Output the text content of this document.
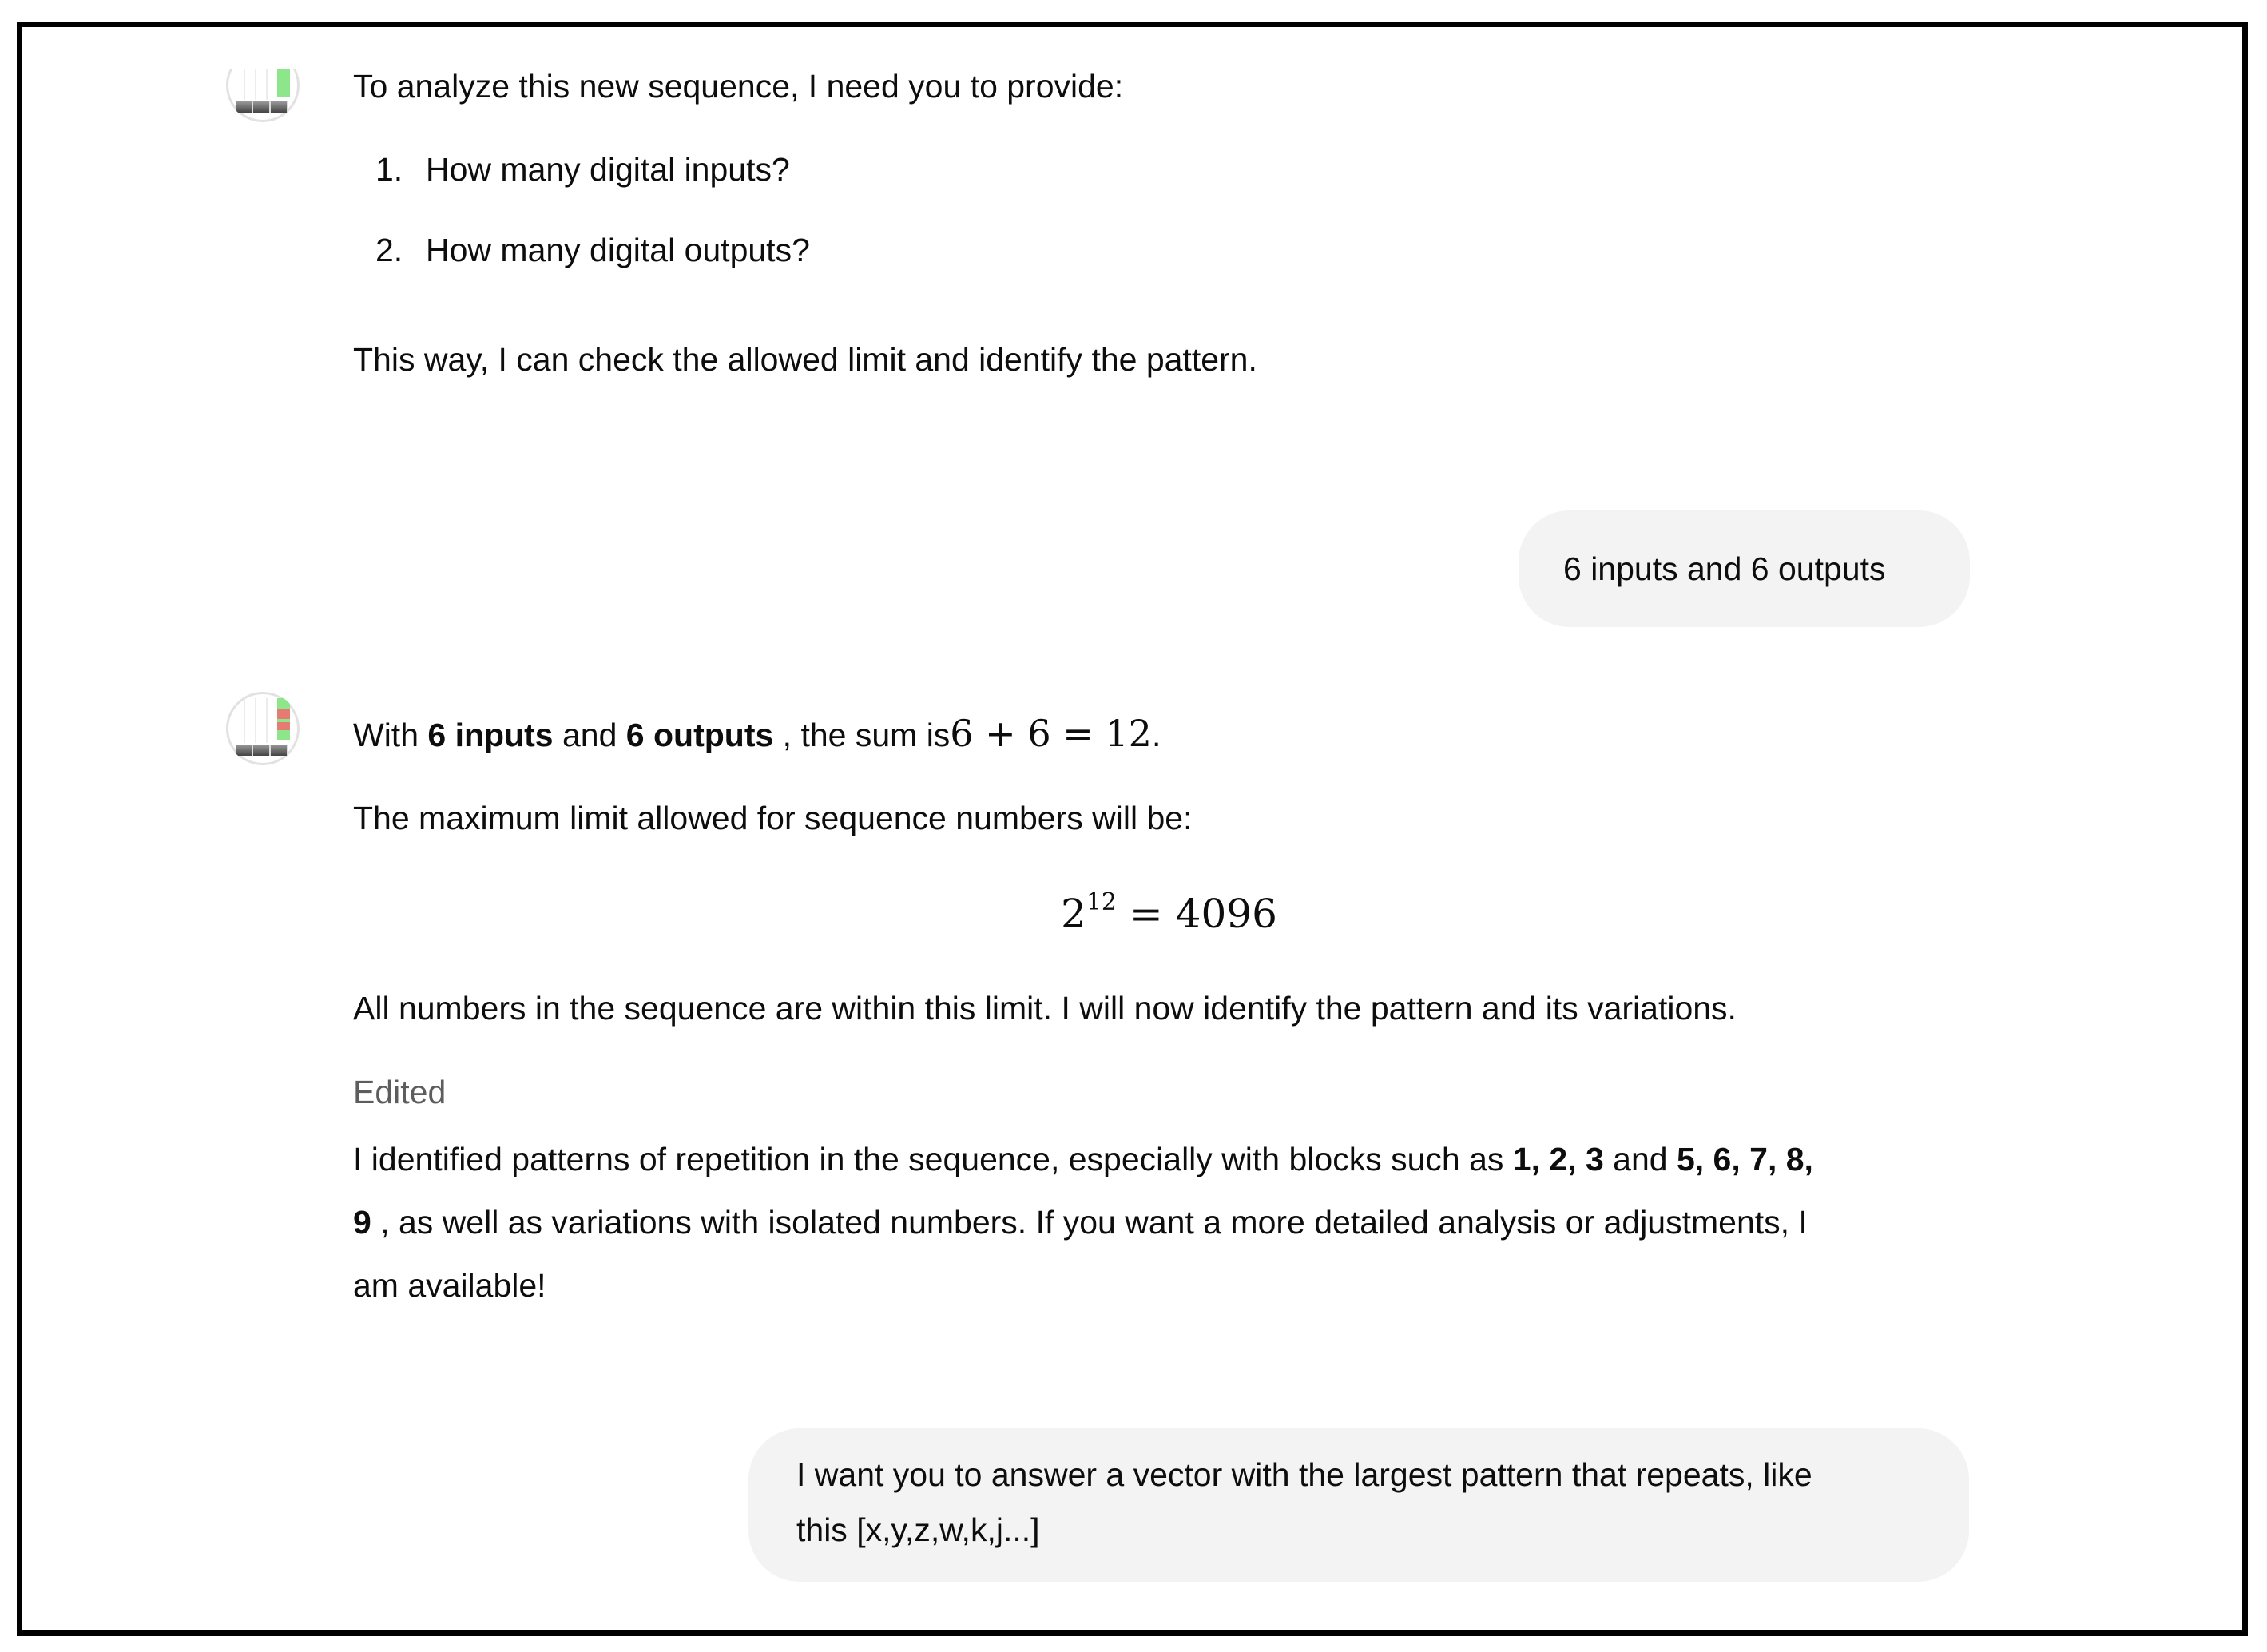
To analyze this new sequence, I need you to provide:
1. How many digital inputs?
2. How many digital outputs?
This way, I can check the allowed limit and identify the pattern.
6 inputs and 6 outputs
With 6 inputs and 6 outputs , the sum is6 + 6 = 12.
The maximum limit allowed for sequence numbers will be:
$2^{12} = 4096$
All numbers in the sequence are within this limit. I will now identify the pattern and its variations.
Edited
I identified patterns of repetition in the sequence, especially with blocks such as 1, 2, 3 and 5, 6, 7, 8,
9 , as well as variations with isolated numbers. If you want a more detailed analysis or adjustments, I
am available!
I want you to answer a vector with the largest pattern that repeats, like
this [x,y,z,w,k,j...]
